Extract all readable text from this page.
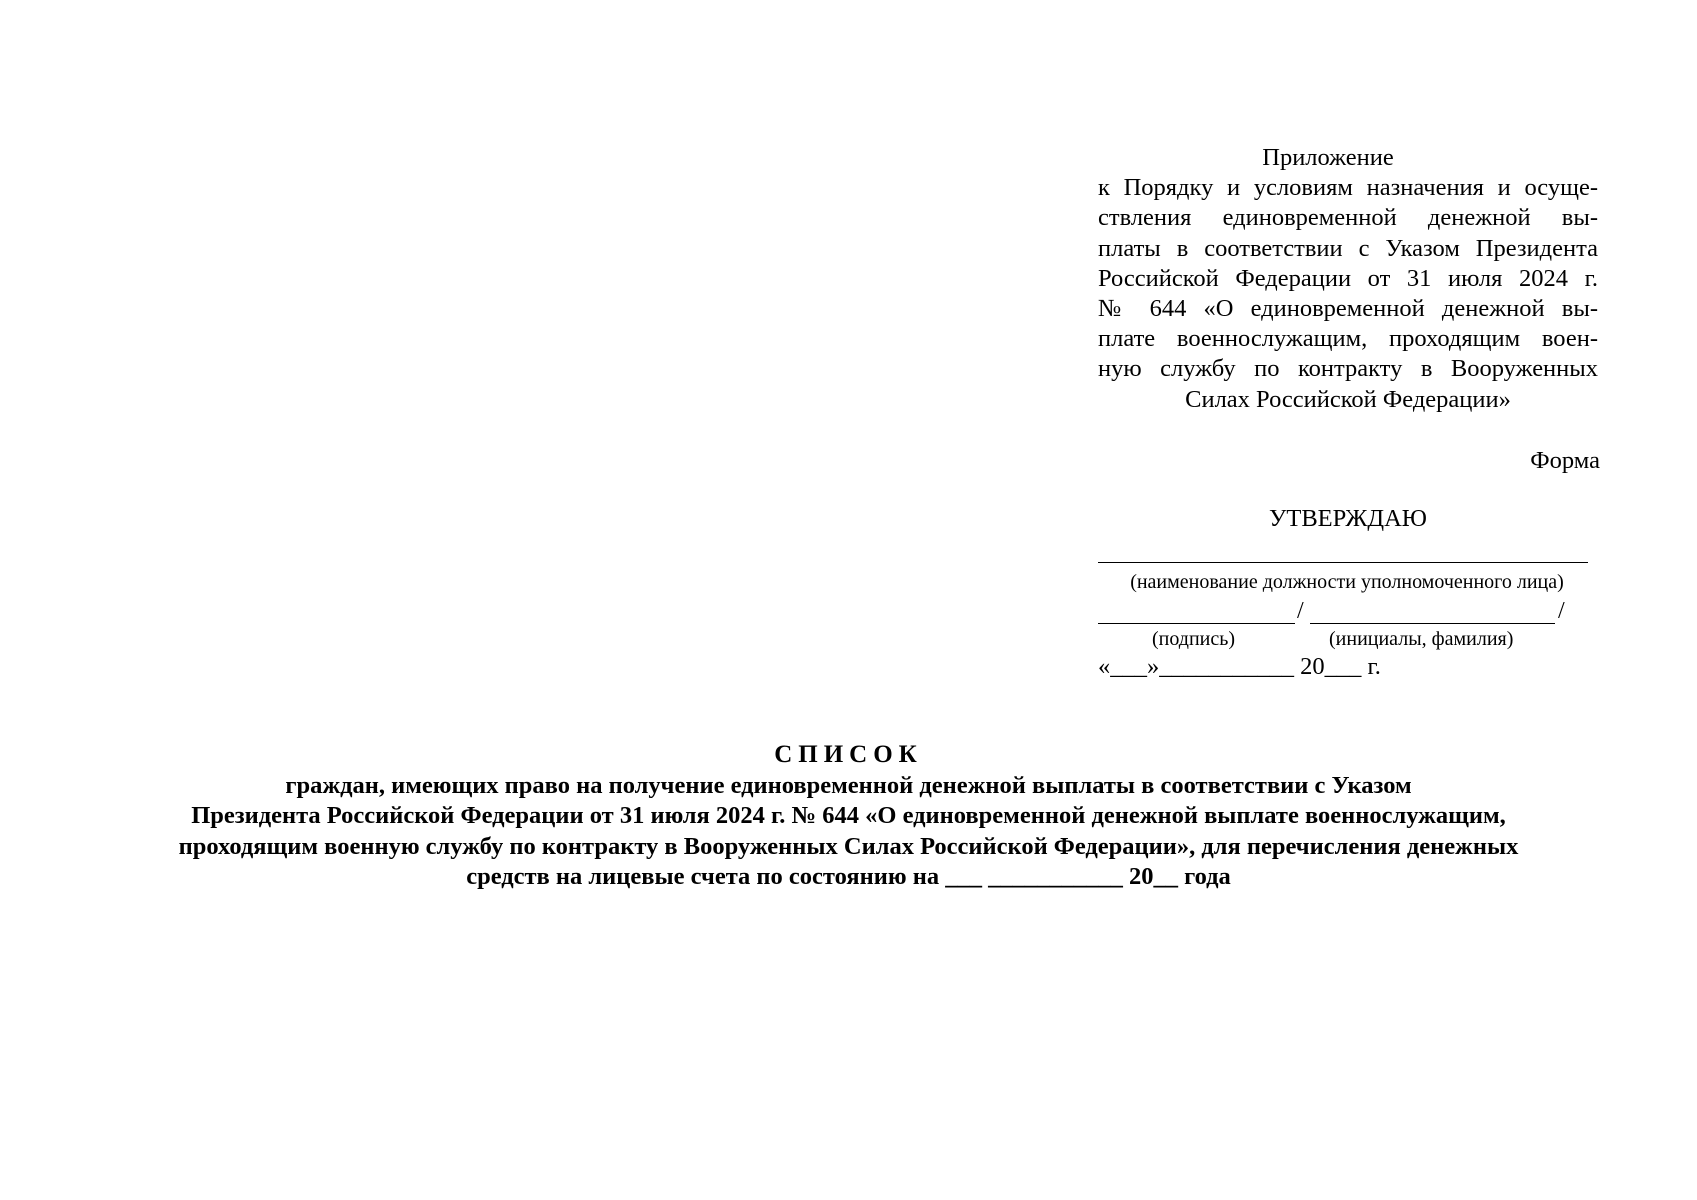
Приложение
к Порядку и условиям назначения и осуще-
ствления единовременной денежной вы-
платы в соответствии с Указом Президента
Российской Федерации от 31 июля 2024 г.
№ 644 «О единовременной денежной вы-
плате военнослужащим, проходящим воен-
ную службу по контракту в Вооруженных
Силах Российской Федерации»
Форма
УТВЕРЖДАЮ
(наименование должности уполномоченного лица)
/	/
(подпись)	(инициалы, фамилия)
«___»___________ 20___ г.
СПИСОК
граждан, имеющих право на получение единовременной денежной выплаты в соответствии с Указом
Президента Российской Федерации от 31 июля 2024 г. № 644 «О единовременной денежной выплате военнослужащим,
проходящим военную службу по контракту в Вооруженных Силах Российской Федерации», для перечисления денежных
средств на лицевые счета по состоянию на ___ ___________ 20__ года
